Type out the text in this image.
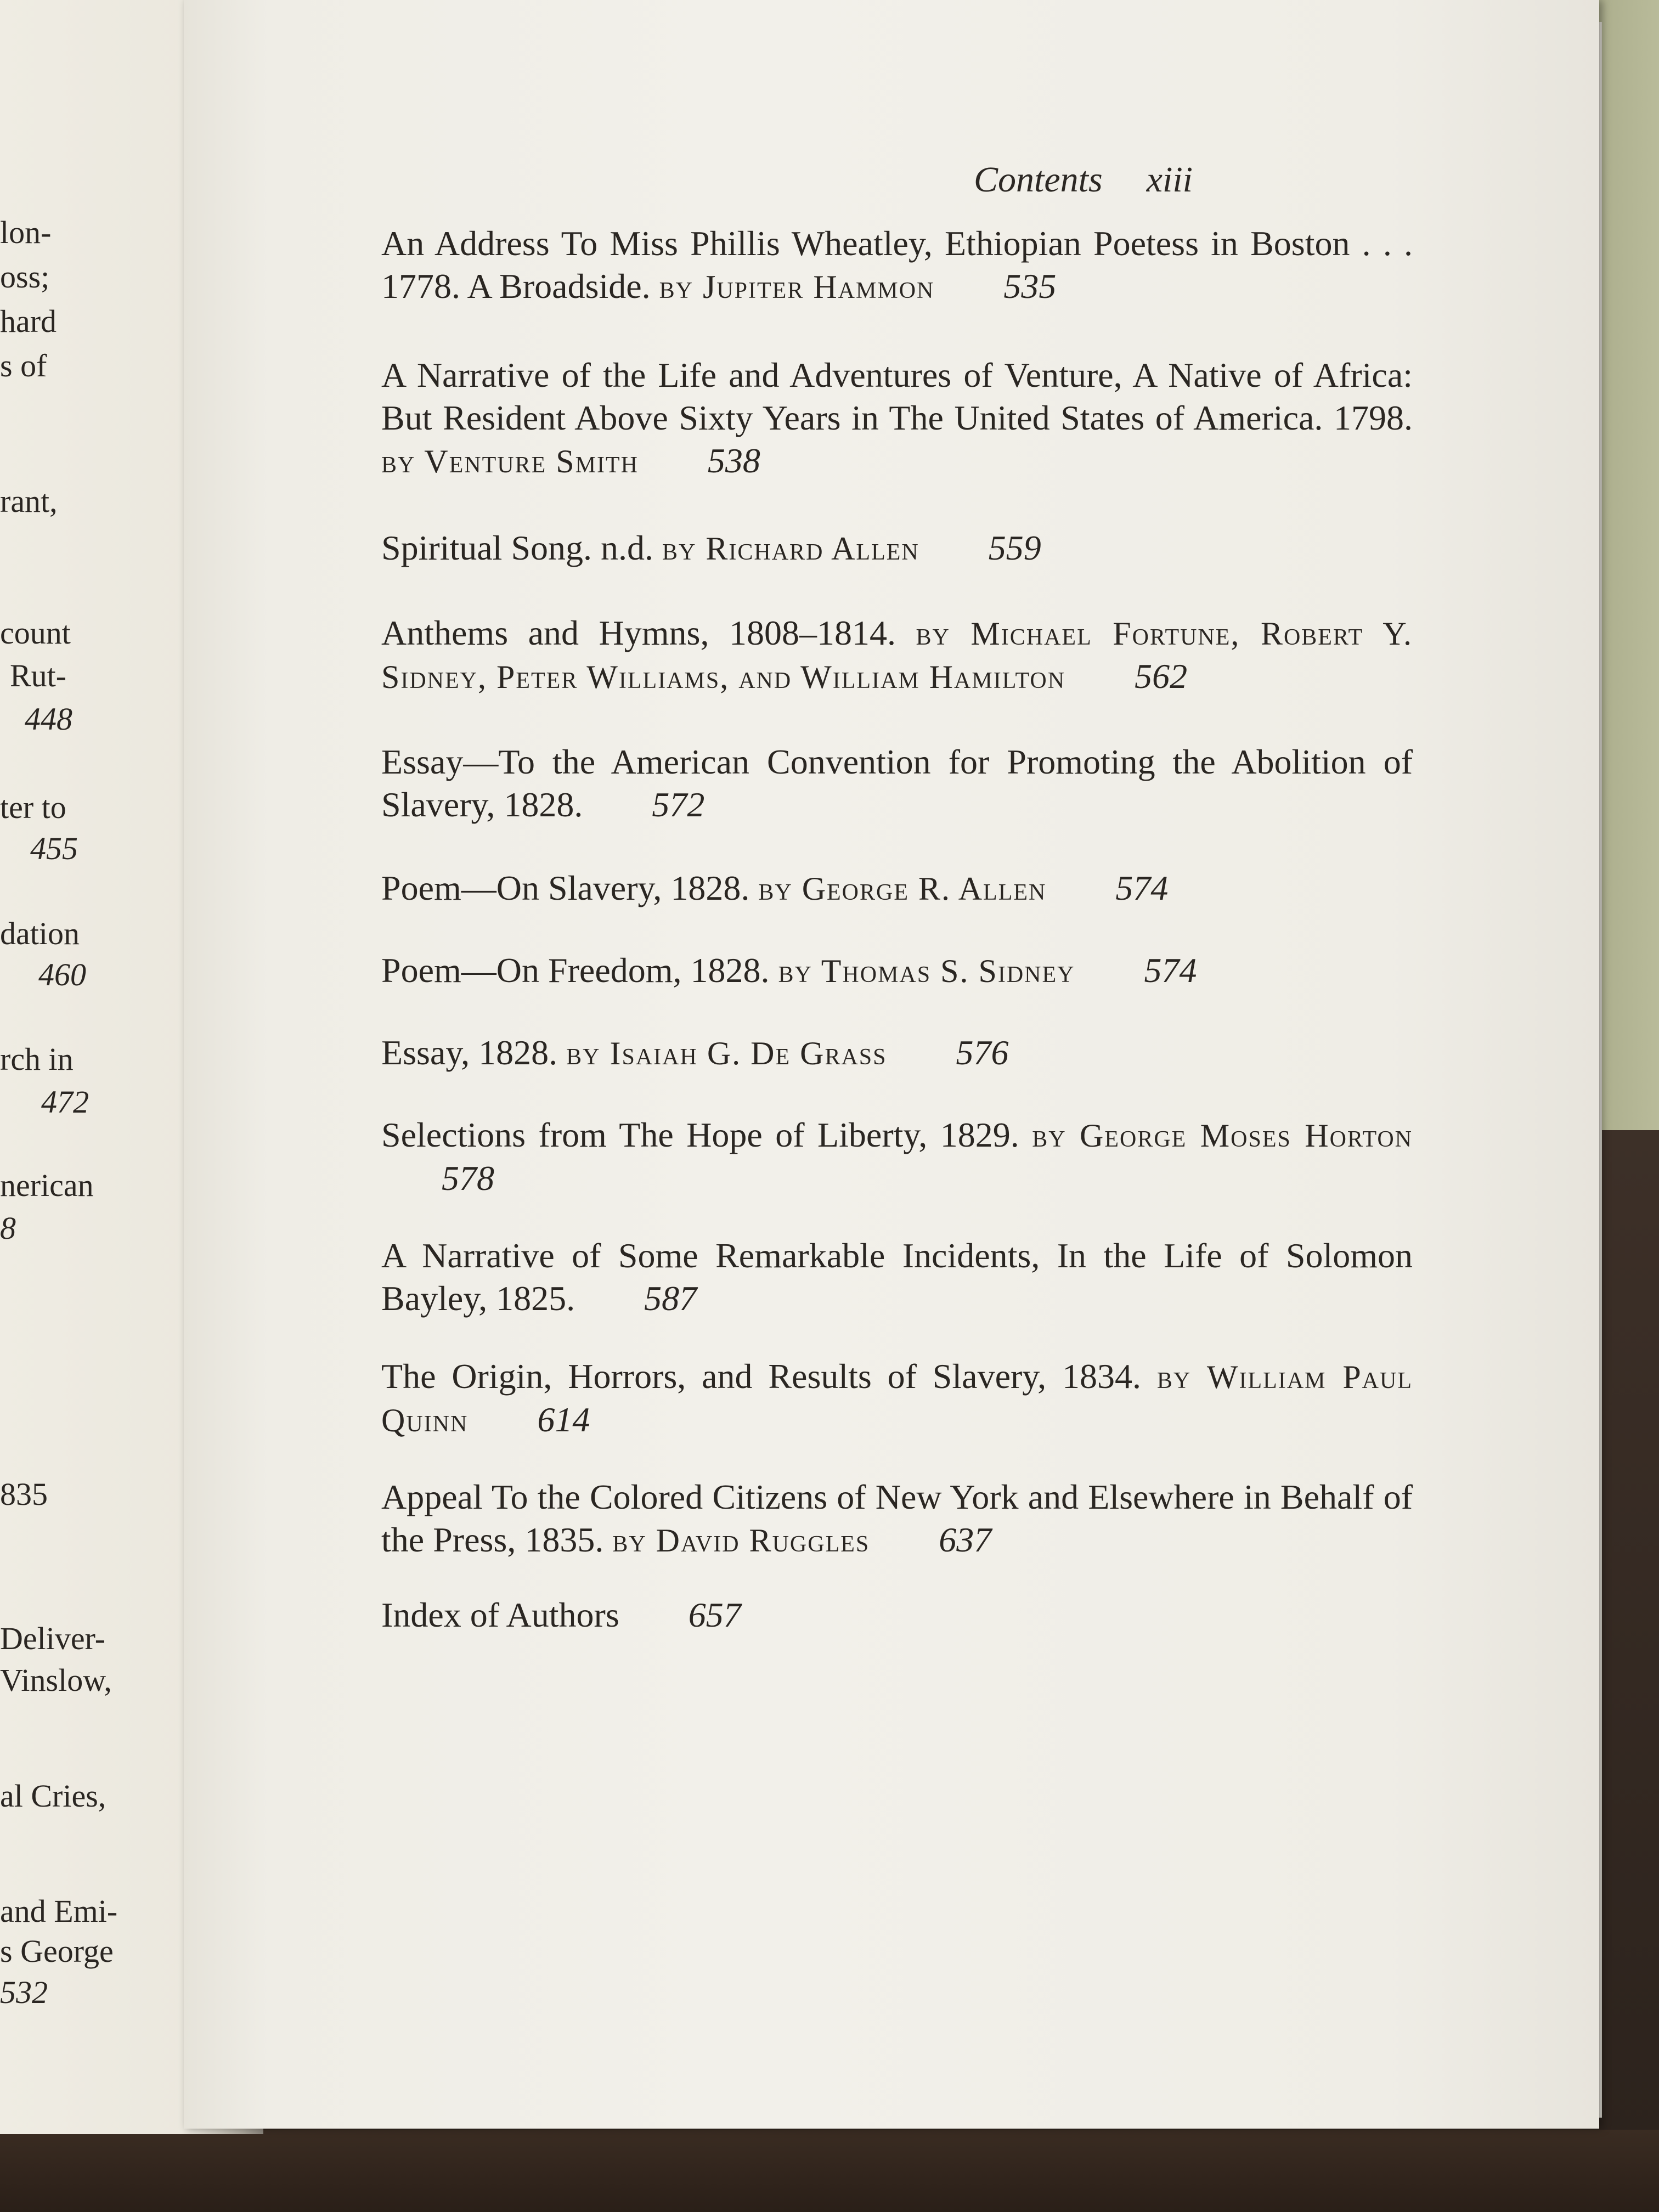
lon-
oss;
hard
s of
rant,
count
Rut-
448
ter to
455
dation
460
rch in
472
nerican
8
835
Deliver-
Vinslow,
al Cries,
and Emi-
s George
532
Contents xiii
An Address To Miss Phillis Wheatley, Ethiopian Poetess in Boston . . . 1778. A Broadside. by Jupiter Hammon 535
A Narrative of the Life and Adventures of Venture, A Native of Africa: But Resident Above Sixty Years in The United States of America. 1798. by Venture Smith 538
Spiritual Song. n.d. by Richard Allen 559
Anthems and Hymns, 1808–1814. by Michael Fortune, Robert Y. Sidney, Peter Williams, and William Hamilton 562
Essay—To the American Convention for Promoting the Abolition of Slavery, 1828. 572
Poem—On Slavery, 1828. by George R. Allen 574
Poem—On Freedom, 1828. by Thomas S. Sidney 574
Essay, 1828. by Isaiah G. De Grass 576
Selections from The Hope of Liberty, 1829. by George Moses Horton 578
A Narrative of Some Remarkable Incidents, In the Life of Solomon Bayley, 1825. 587
The Origin, Horrors, and Results of Slavery, 1834. by William Paul Quinn 614
Appeal To the Colored Citizens of New York and Elsewhere in Behalf of the Press, 1835. by David Ruggles 637
Index of Authors 657
